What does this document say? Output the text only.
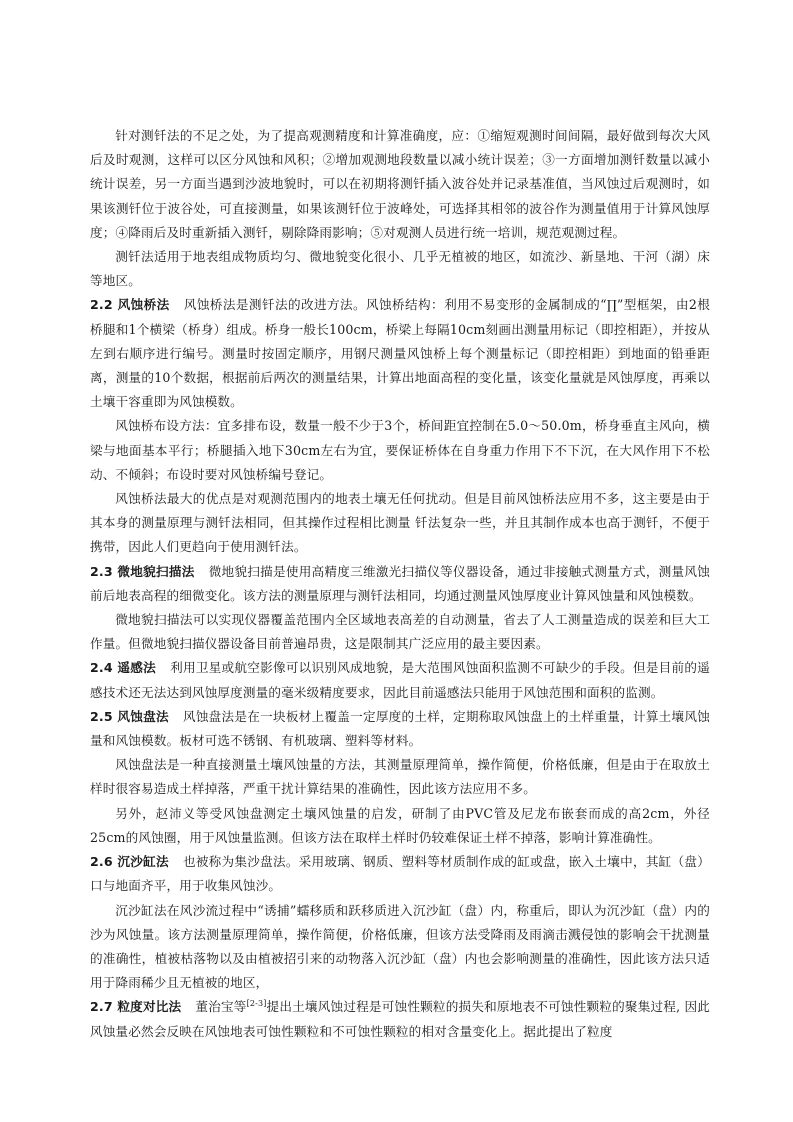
针对测钎法的不足之处，为了提高观测精度和计算准确度，应：①缩短观测时间间隔，最好做到每次大风后及时观测，这样可以区分风蚀和风积；②增加观测地段数量以减小统计误差；③一方面增加测钎数量以减小统计误差，另一方面当遇到沙波地貌时，可以在初期将测钎插入波谷处并记录基准值，当风蚀过后观测时，如果该测钎位于波谷处，可直接测量，如果该测钎位于波峰处，可选择其相邻的波谷作为测量值用于计算风蚀厚度；④降雨后及时重新插入测钎，剔除降雨影响；⑤对观测人员进行统一培训，规范观测过程。

测钎法适用于地表组成物质均匀、微地貌变化很小、几乎无植被的地区，如流沙、新垦地、干河（湖）床等地区。

2.2 风蚀桥法 风蚀桥法是测钎法的改进方法。风蚀桥结构：利用不易变形的金属制成的“∏”型框架，由2根桥腿和1个横梁（桥身）组成。桥身一般长100cm，桥梁上每隔10cm刻画出测量用标记（即控相距），并按从左到右顺序进行编号。测量时按固定顺序，用钢尺测量风蚀桥上每个测量标记（即控相距）到地面的铅垂距离，测量的10个数据，根据前后两次的测量结果，计算出地面高程的变化量，该变化量就是风蚀厚度，再乘以土壤干容重即为风蚀模数。

风蚀桥布设方法：宜多排布设，数量一般不少于3个，桥间距宜控制在5.0～50.0m，桥身垂直主风向，横梁与地面基本平行；桥腿插入地下30cm左右为宜，要保证桥体在自身重力作用下不下沉，在大风作用下不松动、不倾斜；布设时要对风蚀桥编号登记。

风蚀桥法最大的优点是对观测范围内的地表土壤无任何扰动。但是目前风蚀桥法应用不多，这主要是由于其本身的测量原理与测钎法相同，但其操作过程相比测量 钎法复杂一些，并且其制作成本也高于测钎，不便于携带，因此人们更趋向于使用测钎法。

2.3 微地貌扫描法 微地貌扫描是使用高精度三维激光扫描仪等仪器设备，通过非接触式测量方式，测量风蚀前后地表高程的细微变化。该方法的测量原理与测钎法相同，均通过测量风蚀厚度业计算风蚀量和风蚀模数。

微地貌扫描法可以实现仪器覆盖范围内全区域地表高差的自动测量，省去了人工测量造成的误差和巨大工作量。但微地貌扫描仪器设备目前普遍昂贵，这是限制其广泛应用的最主要因素。

2.4 遥感法 利用卫星或航空影像可以识别风成地貌，是大范围风蚀面积监测不可缺少的手段。但是目前的遥感技术还无法达到风蚀厚度测量的毫米级精度要求，因此目前遥感法只能用于风蚀范围和面积的监测。

2.5 风蚀盘法 风蚀盘法是在一块板材上覆盖一定厚度的土样，定期称取风蚀盘上的土样重量，计算土壤风蚀量和风蚀模数。板材可选不锈钢、有机玻璃、塑料等材料。

风蚀盘法是一种直接测量土壤风蚀量的方法，其测量原理简单，操作简便，价格低廉，但是由于在取放土样时很容易造成土样掉落，严重干扰计算结果的准确性，因此该方法应用不多。

另外，赵沛义等受风蚀盘测定土壤风蚀量的启发，研制了由PVC管及尼龙布嵌套而成的高2cm，外径25cm的风蚀圈，用于风蚀量监测。但该方法在取样土样时仍较难保证土样不掉落，影响计算准确性。

2.6 沉沙缸法 也被称为集沙盘法。采用玻璃、钢质、塑料等材质制作成的缸或盘，嵌入土壤中，其缸（盘）口与地面齐平，用于收集风蚀沙。

沉沙缸法在风沙流过程中“诱捕”蠕移质和跃移质进入沉沙缸（盘）内，称重后，即认为沉沙缸（盘）内的沙为风蚀量。该方法测量原理简单，操作简便，价格低廉，但该方法受降雨及雨滴击溅侵蚀的影响会干扰测量的准确性，植被枯落物以及由植被招引来的动物落入沉沙缸（盘）内也会影响测量的准确性，因此该方法只适用于降雨稀少且无植被的地区，

2.7 粒度对比法 董治宝等[2-3]提出土壤风蚀过程是可蚀性颗粒的损失和原地表不可蚀性颗粒的聚集过程, 因此风蚀量必然会反映在风蚀地表可蚀性颗粒和不可蚀性颗粒的相对含量变化上。据此提出了粒度
